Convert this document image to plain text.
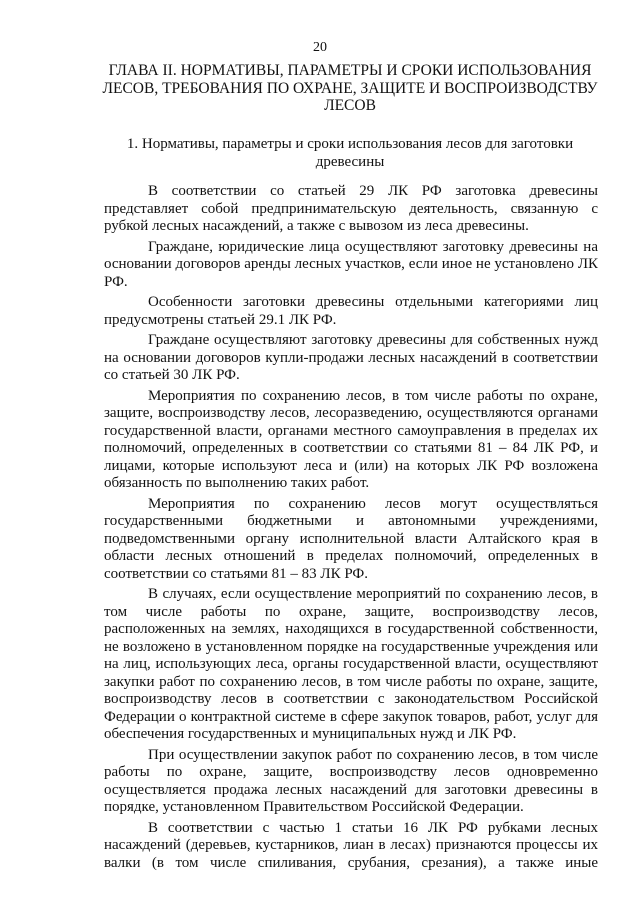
20
ГЛАВА II. НОРМАТИВЫ, ПАРАМЕТРЫ И СРОКИ ИСПОЛЬЗОВАНИЯ ЛЕСОВ, ТРЕБОВАНИЯ ПО ОХРАНЕ, ЗАЩИТЕ И ВОСПРОИЗВОДСТВУ ЛЕСОВ
1. Нормативы, параметры и сроки использования лесов для заготовки древесины

В соответствии со статьей 29 ЛК РФ заготовка древесины представляет собой предпринимательскую деятельность, связанную с рубкой лесных насаждений, а также с вывозом из леса древесины.

Граждане, юридические лица осуществляют заготовку древесины на основании договоров аренды лесных участков, если иное не установлено ЛК РФ.

Особенности заготовки древесины отдельными категориями лиц предусмотрены статьей 29.1 ЛК РФ.

Граждане осуществляют заготовку древесины для собственных нужд на основании договоров купли-продажи лесных насаждений в соответствии со статьей 30 ЛК РФ.

Мероприятия по сохранению лесов, в том числе работы по охране, защите, воспроизводству лесов, лесоразведению, осуществляются органами государственной власти, органами местного самоуправления в пределах их полномочий, определенных в соответствии со статьями 81 – 84 ЛК РФ, и лицами, которые используют леса и (или) на которых ЛК РФ возложена обязанность по выполнению таких работ.

Мероприятия по сохранению лесов могут осуществляться государственными бюджетными и автономными учреждениями, подведомственными органу исполнительной власти Алтайского края в области лесных отношений в пределах полномочий, определенных в соответствии со статьями 81 – 83 ЛК РФ.

В случаях, если осуществление мероприятий по сохранению лесов, в том числе работы по охране, защите, воспроизводству лесов, расположенных на землях, находящихся в государственной собственности, не возложено в установленном порядке на государственные учреждения или на лиц, использующих леса, органы государственной власти, осуществляют закупки работ по сохранению лесов, в том числе работы по охране, защите, воспроизводству лесов в соответствии с законодательством Российской Федерации о контрактной системе в сфере закупок товаров, работ, услуг для обеспечения государственных и муниципальных нужд и ЛК РФ.

При осуществлении закупок работ по сохранению лесов, в том числе работы по охране, защите, воспроизводству лесов одновременно осуществляется продажа лесных насаждений для заготовки древесины в порядке, установленном Правительством Российской Федерации.

В соответствии с частью 1 статьи 16 ЛК РФ рубками лесных насаждений (деревьев, кустарников, лиан в лесах) признаются процессы их валки (в том числе спиливания, срубания, срезания), а также иные
